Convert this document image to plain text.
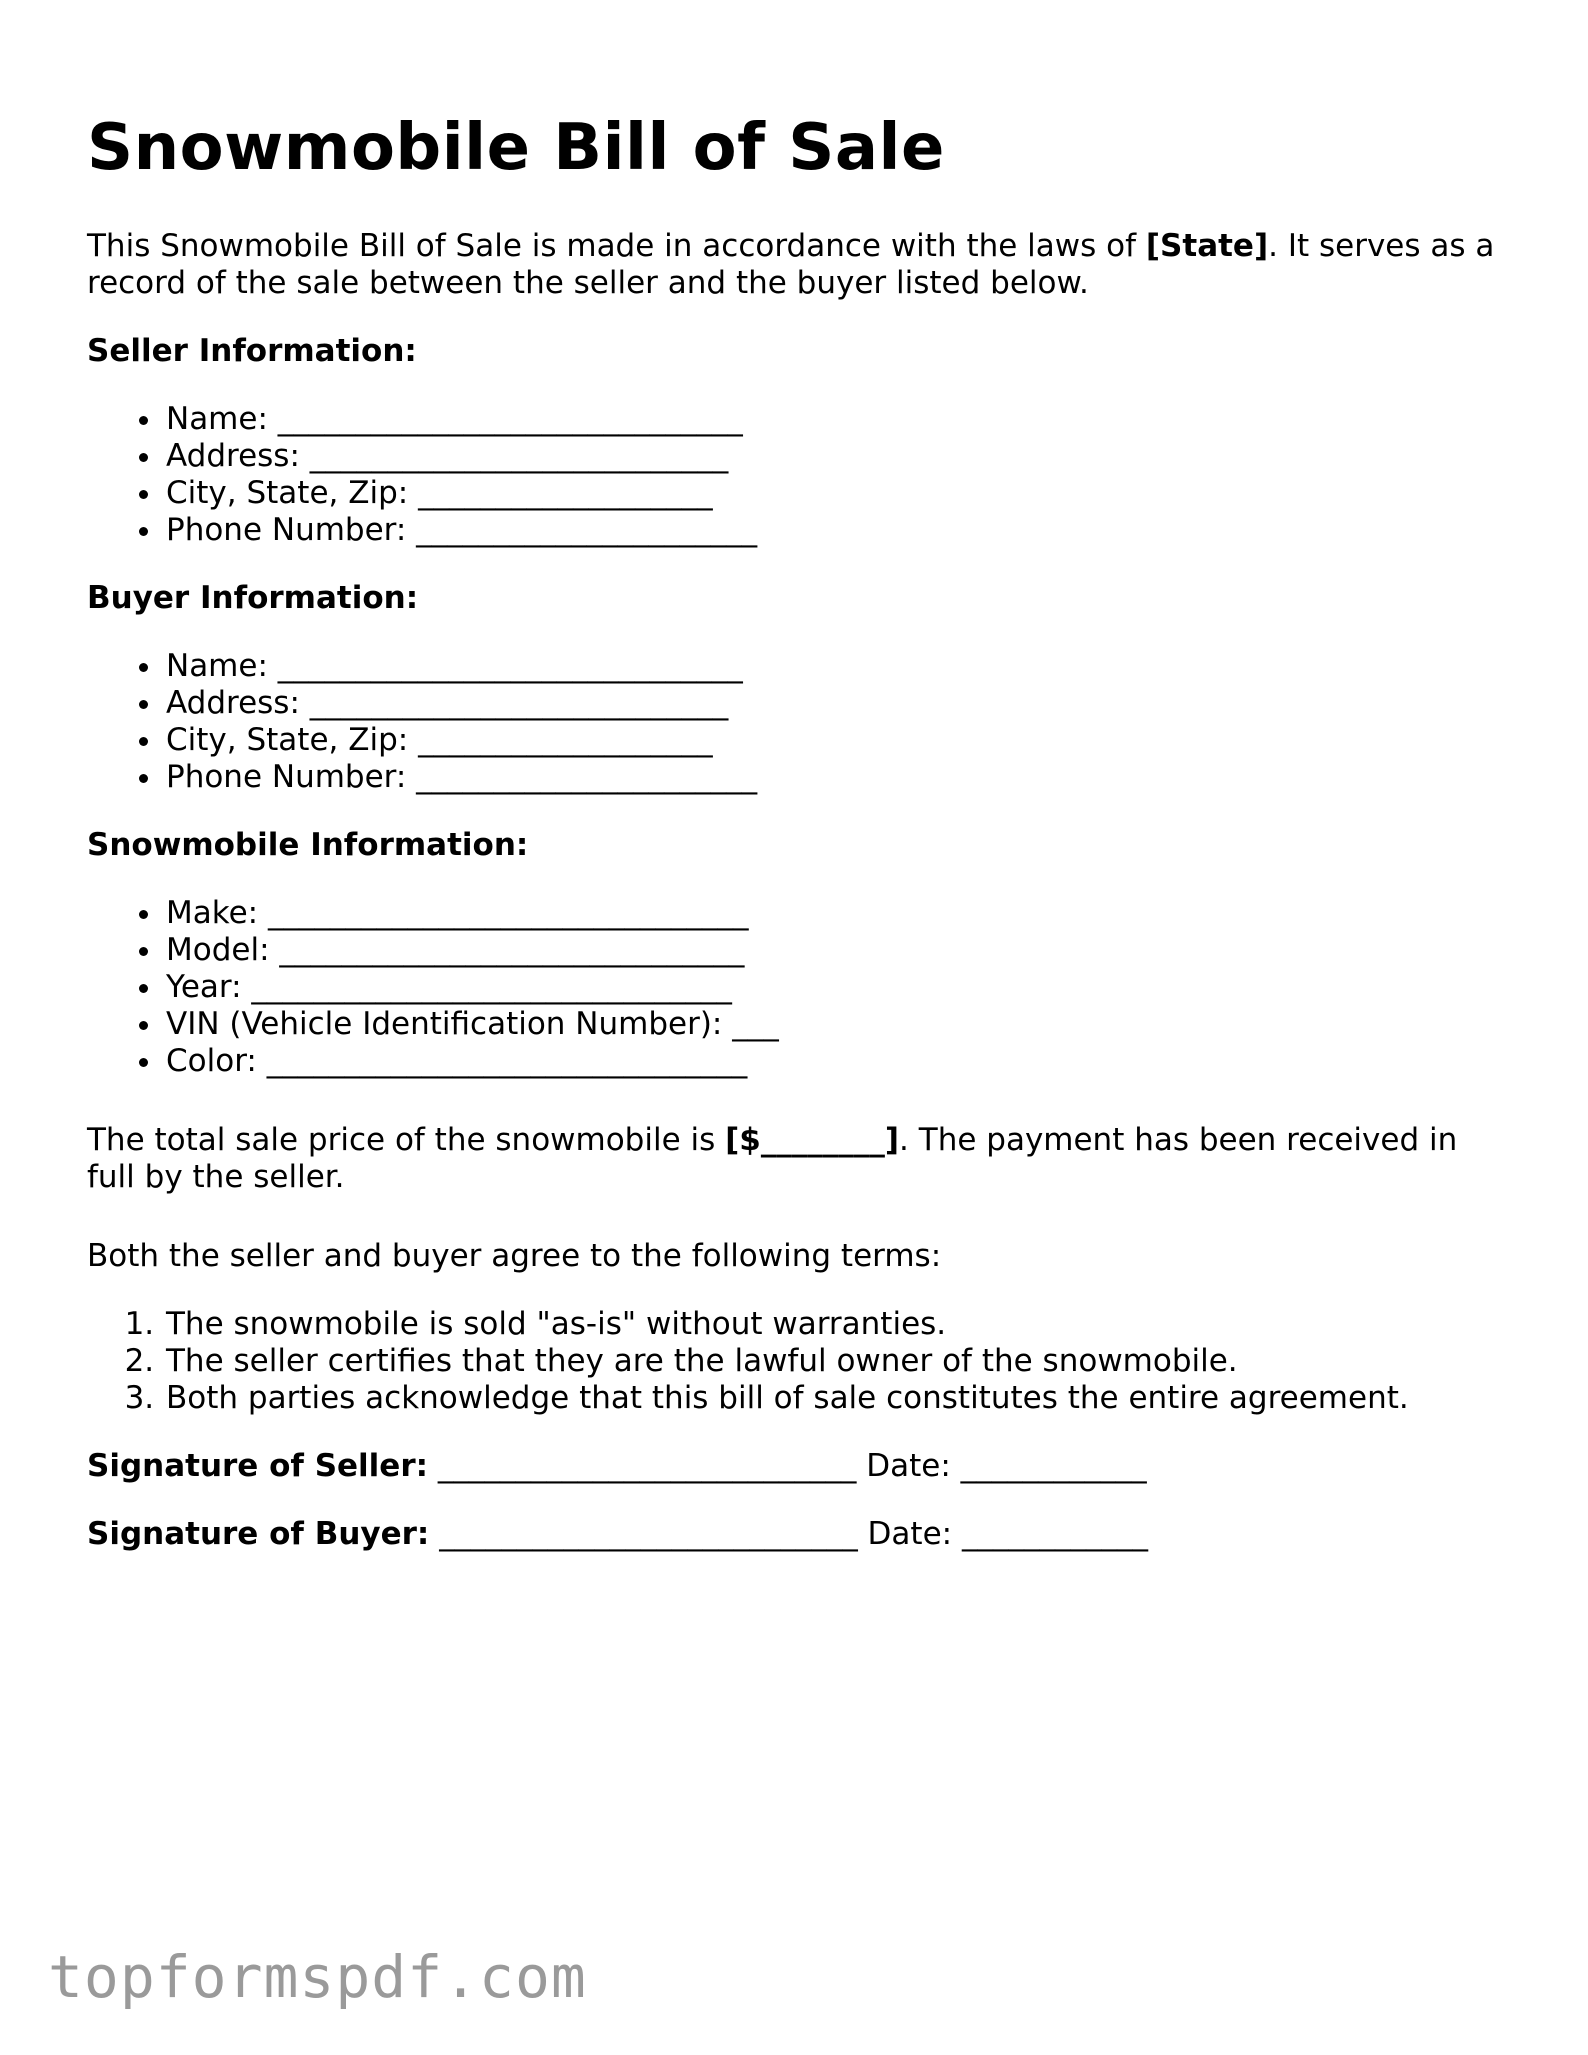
Snowmobile Bill of Sale

This Snowmobile Bill of Sale is made in accordance with the laws of [State]. It serves as a record of the sale between the seller and the buyer listed below.

Seller Information:
• Name: ______________________________
• Address: ___________________________
• City, State, Zip: ___________________
• Phone Number: ______________________
Buyer Information:
• Name: ______________________________
• Address: ___________________________
• City, State, Zip: ___________________
• Phone Number: ______________________
Snowmobile Information:
• Make: _______________________________
• Model: ______________________________
• Year: _______________________________
• VIN (Vehicle Identification Number): ___
• Color: _______________________________

The total sale price of the snowmobile is [$________]. The payment has been received in full by the seller.

Both the seller and buyer agree to the following terms:

1. The snowmobile is sold "as-is" without warranties.
2. The seller certifies that they are the lawful owner of the snowmobile.
3. Both parties acknowledge that this bill of sale constitutes the entire agreement.
Signature of Seller: ___________________________ Date: ____________
Signature of Buyer: ___________________________ Date: ____________
topformspdf.com
